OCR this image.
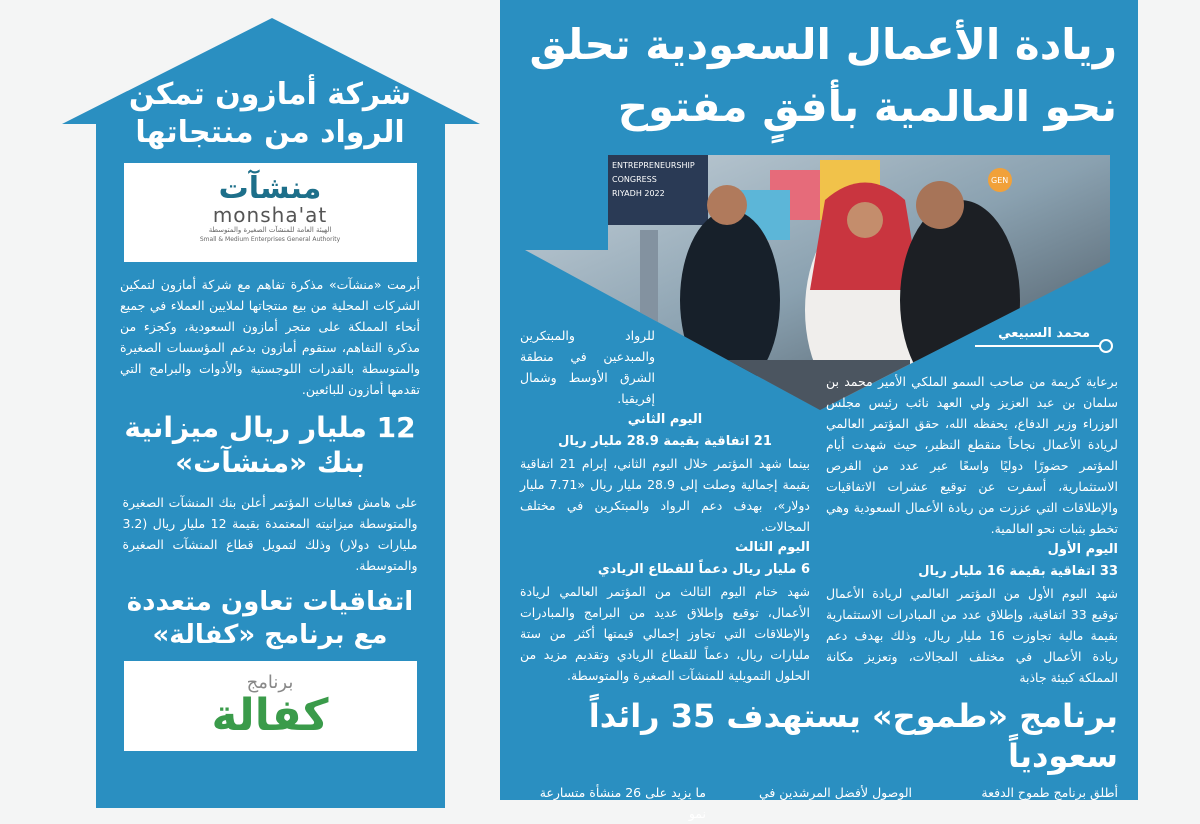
شركة أمازون تمكن
الرواد من منتجاتها
منشآت
monsha'at
الهيئة العامة للمنشآت الصغيرة والمتوسطة
Small & Medium Enterprises General Authority

أبرمت «منشآت» مذكرة تفاهم مع شركة أمازون لتمكين الشركات المحلية من بيع منتجاتها لملايين العملاء في جميع أنحاء المملكة على متجر أمازون السعودية، وكجزء من مذكرة التفاهم، ستقوم أمازون بدعم المؤسسات الصغيرة والمتوسطة بالقدرات اللوجستية والأدوات والبرامج التي تقدمها أمازون للبائعين.

12 مليار ريال ميزانية
بنك «منشآت»

على هامش فعاليات المؤتمر أعلن بنك المنشآت الصغيرة والمتوسطة ميزانيته المعتمدة بقيمة 12 مليار ريال (3.2 مليارات دولار) وذلك لتمويل قطاع المنشآت الصغيرة والمتوسطة.

اتفاقيات تعاون متعددة
مع برنامج «كفالة»
برنامج
كفالة
ريادة الأعمال السعودية تحلق
نحو العالمية بأفقٍ مفتوح
ENTREPRENEURSHIP
CONGRESS
RIYADH 2022
GEN
محمد السبيعي

برعاية كريمة من صاحب السمو الملكي الأمير محمد بن سلمان بن عبد العزيز ولي العهد نائب رئيس مجلس الوزراء وزير الدفاع، يحفظه الله، حقق المؤتمر العالمي لريادة الأعمال نجاحاً منقطع النظير، حيث شهدت أيام المؤتمر حضورًا دوليًا واسعًا عبر عدد من الفرص الاستثمارية، أسفرت عن توقيع عشرات الاتفاقيات والإطلاقات التي عززت من ريادة الأعمال السعودية وهي تخطو بثبات نحو العالمية.

اليوم الأول
33 اتفاقية بقيمة 16 مليار ريال

شهد اليوم الأول من المؤتمر العالمي لريادة الأعمال توقيع 33 اتفاقية، وإطلاق عدد من المبادرات الاستثمارية بقيمة مالية تجاوزت 16 مليار ريال، وذلك بهدف دعم ريادة الأعمال في مختلف المجالات، وتعزيز مكانة المملكة كبيئة جاذبة

للرواد والمبتكرين والمبدعين في منطقة الشرق الأوسط وشمال إفريقيا.

اليوم الثاني
21 اتفاقية بقيمة 28.9 مليار ريال

بينما شهد المؤتمر خلال اليوم الثاني، إبرام 21 اتفاقية بقيمة إجمالية وصلت إلى 28.9 مليار ريال «7.71 مليار دولار»، بهدف دعم الرواد والمبتكرين في مختلف المجالات.

اليوم الثالث
6 مليار ريال دعماً للقطاع الريادي

شهد ختام اليوم الثالث من المؤتمر العالمي لريادة الأعمال، توقيع وإطلاق عديد من البرامج والمبادرات والإطلاقات التي تجاوز إجمالي قيمتها أكثر من ستة مليارات ريال، دعماً للقطاع الريادي وتقديم مزيد من الحلول التمويلية للمنشآت الصغيرة والمتوسطة.

برنامج «طموح» يستهدف 35 رائداً سعودياً
أطلق برنامج طموح الدفعة
الوصول لأفضل المرشدين في
ما يزيد على 26 منشأة متسارعة نمو
